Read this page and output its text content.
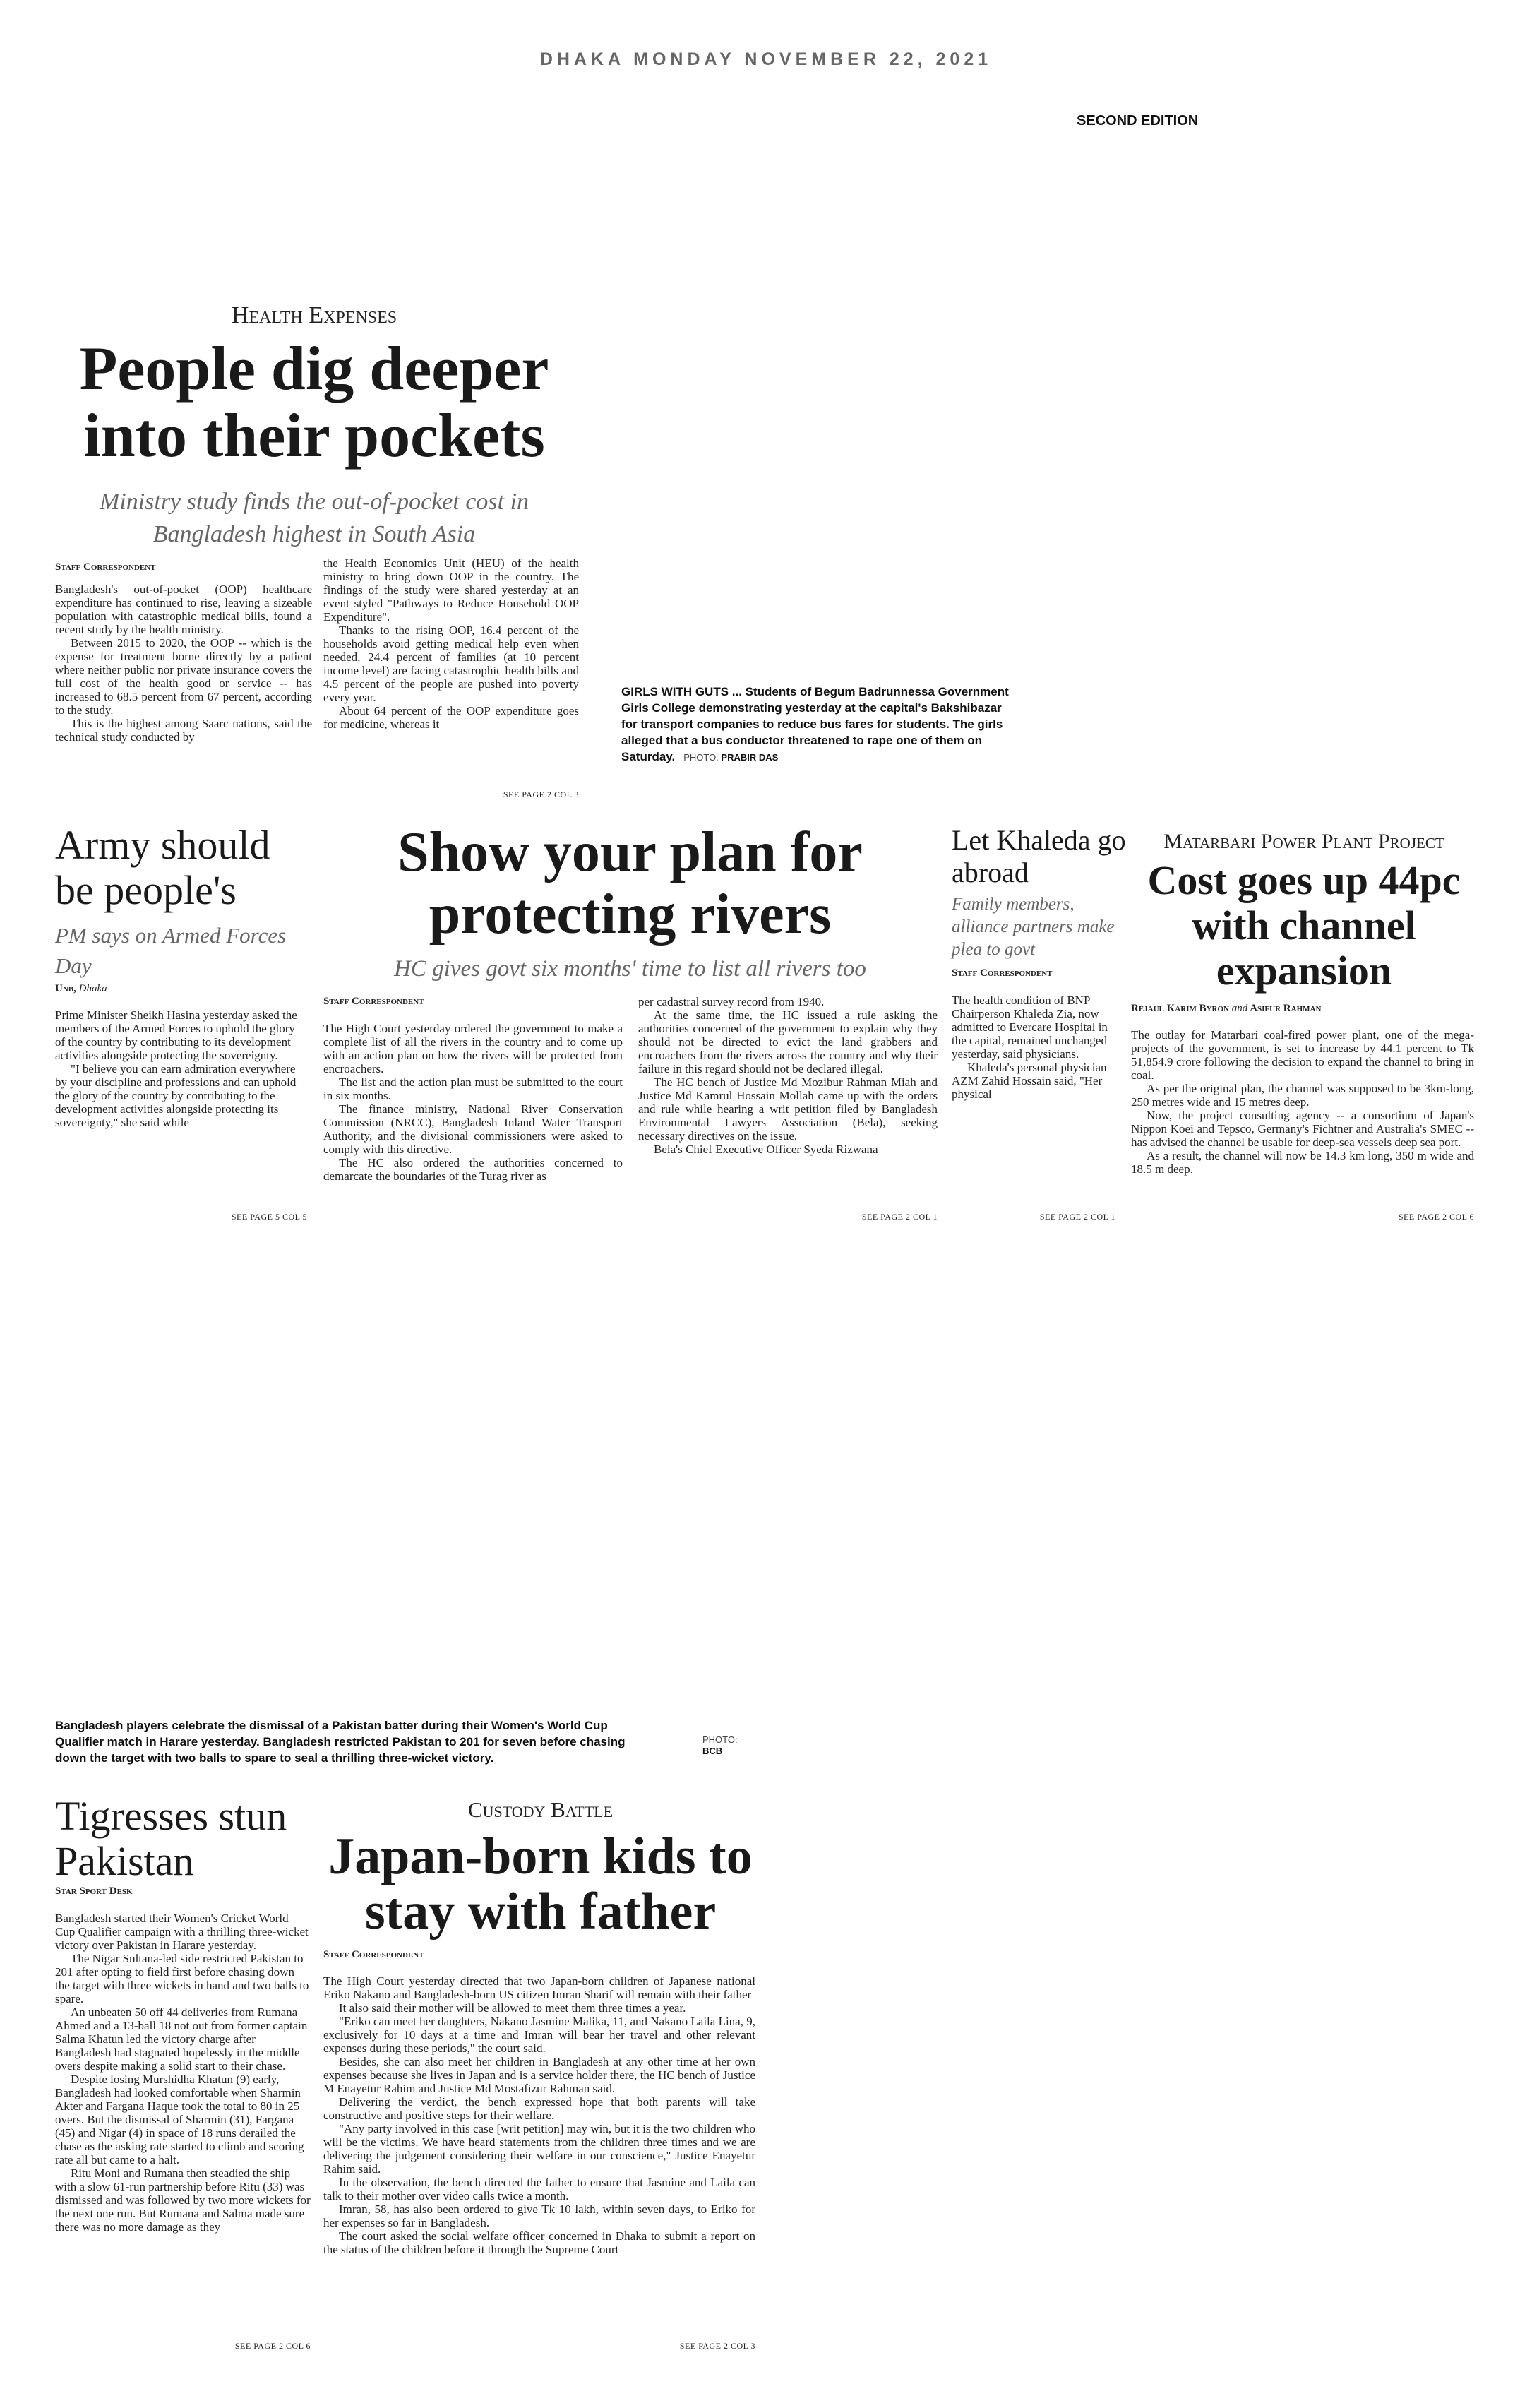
DHAKA MONDAY NOVEMBER 22, 2021
SECOND EDITION
Health Expenses
People dig deeper into their pockets
Ministry study finds the out-of-pocket cost in Bangladesh highest in South Asia
Staff Correspondent

Bangladesh's out-of-pocket (OOP) healthcare expenditure has continued to rise, leaving a sizeable population with catastrophic medical bills, found a recent study by the health ministry.

Between 2015 to 2020, the OOP -- which is the expense for treatment borne directly by a patient where neither public nor private insurance covers the full cost of the health good or service -- has increased to 68.5 percent from 67 percent, according to the study.

This is the highest among Saarc nations, said the technical study conducted by

the Health Economics Unit (HEU) of the health ministry to bring down OOP in the country. The findings of the study were shared yesterday at an event styled "Pathways to Reduce Household OOP Expenditure".

Thanks to the rising OOP, 16.4 percent of the households avoid getting medical help even when needed, 24.4 percent of families (at 10 percent income level) are facing catastrophic health bills and 4.5 percent of the people are pushed into poverty every year.

About 64 percent of the OOP expenditure goes for medicine, whereas it

SEE PAGE 2 COL 3
GIRLS WITH GUTS ... Students of Begum Badrunnessa Government Girls College demonstrating yesterday at the capital's Bakshibazar for transport companies to reduce bus fares for students. The girls alleged that a bus conductor threatened to rape one of them on Saturday. PHOTO: PRABIR DAS
Army should be people's
PM says on Armed Forces Day
Unb, Dhaka

Prime Minister Sheikh Hasina yesterday asked the members of the Armed Forces to uphold the glory of the country by contributing to its development activities alongside protecting the sovereignty.

"I believe you can earn admiration everywhere by your discipline and professions and can uphold the glory of the country by contributing to the development activities alongside protecting its sovereignty," she said while

SEE PAGE 5 COL 5
Show your plan for protecting rivers
HC gives govt six months' time to list all rivers too
Staff Correspondent

The High Court yesterday ordered the government to make a complete list of all the rivers in the country and to come up with an action plan on how the rivers will be protected from encroachers.

The list and the action plan must be submitted to the court in six months.

The finance ministry, National River Conservation Commission (NRCC), Bangladesh Inland Water Transport Authority, and the divisional commissioners were asked to comply with this directive.

The HC also ordered the authorities concerned to demarcate the boundaries of the Turag river as

per cadastral survey record from 1940.

At the same time, the HC issued a rule asking the authorities concerned of the government to explain why they should not be directed to evict the land grabbers and encroachers from the rivers across the country and why their failure in this regard should not be declared illegal.

The HC bench of Justice Md Mozibur Rahman Miah and Justice Md Kamrul Hossain Mollah came up with the orders and rule while hearing a writ petition filed by Bangladesh Environmental Lawyers Association (Bela), seeking necessary directives on the issue.

Bela's Chief Executive Officer Syeda Rizwana

SEE PAGE 2 COL 1
Let Khaleda go abroad
Family members, alliance partners make plea to govt
Staff Correspondent

The health condition of BNP Chairperson Khaleda Zia, now admitted to Evercare Hospital in the capital, remained unchanged yesterday, said physicians.

Khaleda's personal physician AZM Zahid Hossain said, "Her physical

SEE PAGE 2 COL 1
Matarbari Power Plant Project
Cost goes up 44pc with channel expansion
Rejaul Karim Byron and Asifur Rahman

The outlay for Matarbari coal-fired power plant, one of the mega-projects of the government, is set to increase by 44.1 percent to Tk 51,854.9 crore following the decision to expand the channel to bring in coal.

As per the original plan, the channel was supposed to be 3km-long, 250 metres wide and 15 metres deep.

Now, the project consulting agency -- a consortium of Japan's Nippon Koei and Tepsco, Germany's Fichtner and Australia's SMEC -- has advised the channel be usable for deep-sea vessels deep sea port.

As a result, the channel will now be 14.3 km long, 350 m wide and 18.5 m deep.

SEE PAGE 2 COL 6
Bangladesh players celebrate the dismissal of a Pakistan batter during their Women's World Cup Qualifier match in Harare yesterday. Bangladesh restricted Pakistan to 201 for seven before chasing down the target with two balls to spare to seal a thrilling three-wicket victory.
PHOTO:
BCB
Tigresses stun Pakistan
Star Sport Desk

Bangladesh started their Women's Cricket World Cup Qualifier campaign with a thrilling three-wicket victory over Pakistan in Harare yesterday.

The Nigar Sultana-led side restricted Pakistan to 201 after opting to field first before chasing down the target with three wickets in hand and two balls to spare.

An unbeaten 50 off 44 deliveries from Rumana Ahmed and a 13-ball 18 not out from former captain Salma Khatun led the victory charge after Bangladesh had stagnated hopelessly in the middle overs despite making a solid start to their chase.

Despite losing Murshidha Khatun (9) early, Bangladesh had looked comfortable when Sharmin Akter and Fargana Haque took the total to 80 in 25 overs. But the dismissal of Sharmin (31), Fargana (45) and Nigar (4) in space of 18 runs derailed the chase as the asking rate started to climb and scoring rate all but came to a halt.

Ritu Moni and Rumana then steadied the ship with a slow 61-run partnership before Ritu (33) was dismissed and was followed by two more wickets for the next one run. But Rumana and Salma made sure there was no more damage as they

SEE PAGE 2 COL 6
Custody Battle
Japan-born kids to stay with father
Staff Correspondent

The High Court yesterday directed that two Japan-born children of Japanese national Eriko Nakano and Bangladesh-born US citizen Imran Sharif will remain with their father

It also said their mother will be allowed to meet them three times a year.

"Eriko can meet her daughters, Nakano Jasmine Malika, 11, and Nakano Laila Lina, 9, exclusively for 10 days at a time and Imran will bear her travel and other relevant expenses during these periods," the court said.

Besides, she can also meet her children in Bangladesh at any other time at her own expenses because she lives in Japan and is a service holder there, the HC bench of Justice M Enayetur Rahim and Justice Md Mostafizur Rahman said.

Delivering the verdict, the bench expressed hope that both parents will take constructive and positive steps for their welfare.

"Any party involved in this case [writ petition] may win, but it is the two children who will be the victims. We have heard statements from the children three times and we are delivering the judgement considering their welfare in our conscience," Justice Enayetur Rahim said.

In the observation, the bench directed the father to ensure that Jasmine and Laila can talk to their mother over video calls twice a month.

Imran, 58, has also been ordered to give Tk 10 lakh, within seven days, to Eriko for her expenses so far in Bangladesh.

The court asked the social welfare officer concerned in Dhaka to submit a report on the status of the children before it through the Supreme Court

SEE PAGE 2 COL 3
